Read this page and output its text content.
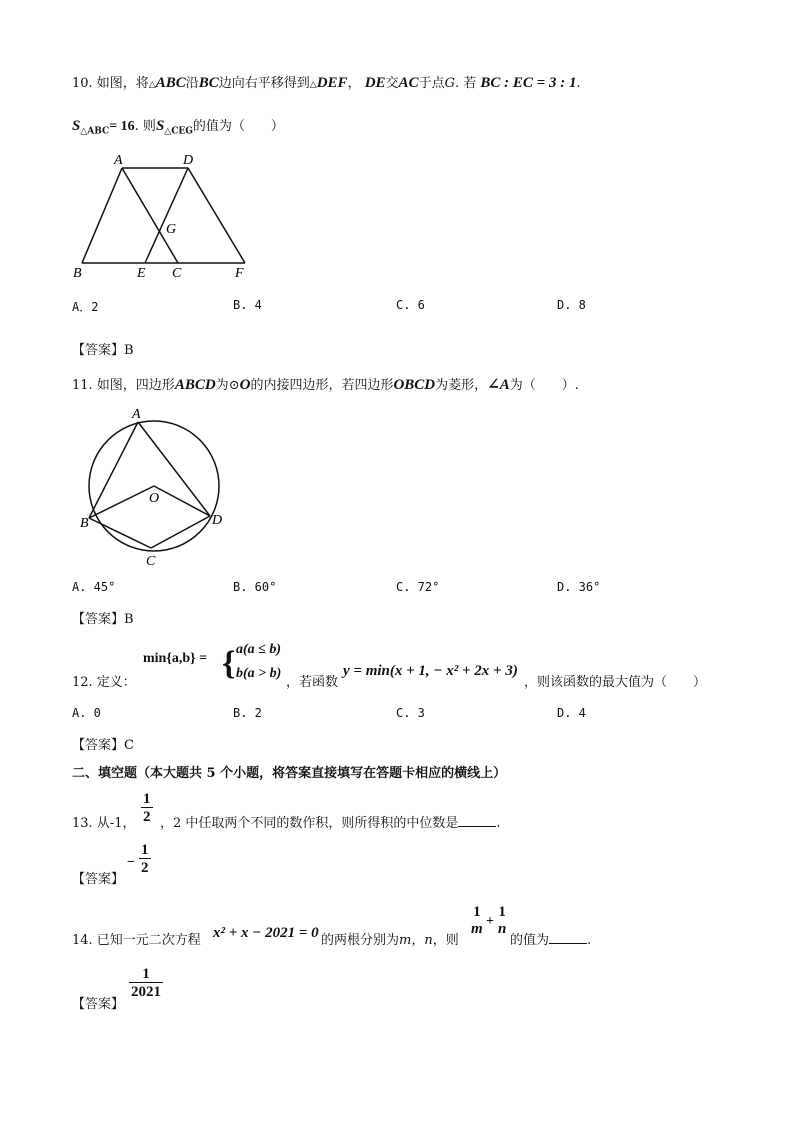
10. 如图，将△ABC沿BC边向右平移得到△DEF， DE交AC于点G. 若 BC : EC = 3 : 1.
$S_{\triangle ABC}= 16$. 则$S_{\triangle CEG}$的值为（　　）
A	D
G
B	E C	F
A．2	B. 4	C. 6	D. 8
【答案】B
11. 如图，四边形ABCD为⊙O的内接四边形，若四边形OBCD为菱形，∠A为（　　）.
A
O
B	D
C
A. 45°	B. 60°	C. 72°	D. 36°
【答案】B
12. 定义：
min{a,b} = { a(a ≤ b)
b(a > b)
，若函数
y = min(x + 1, − x² + 2x + 3)
，则该函数的最大值为（　　）
A. 0	B. 2	C. 3	D. 4
【答案】C
二、填空题（本大题共 5 个小题，将答案直接填写在答题卡相应的横线上）
13. 从-1， $\frac{1}{2}$ ，2 中任取两个不同的数作积，则所得积的中位数是	.
【答案】
− $\frac{1}{2}$
14. 已知一元二次方程 x² + x − 2021 = 0 的两根分别为m，n，则
1
m +
1
n
的值为	.
【答案】
$\frac{1}{2021}$
